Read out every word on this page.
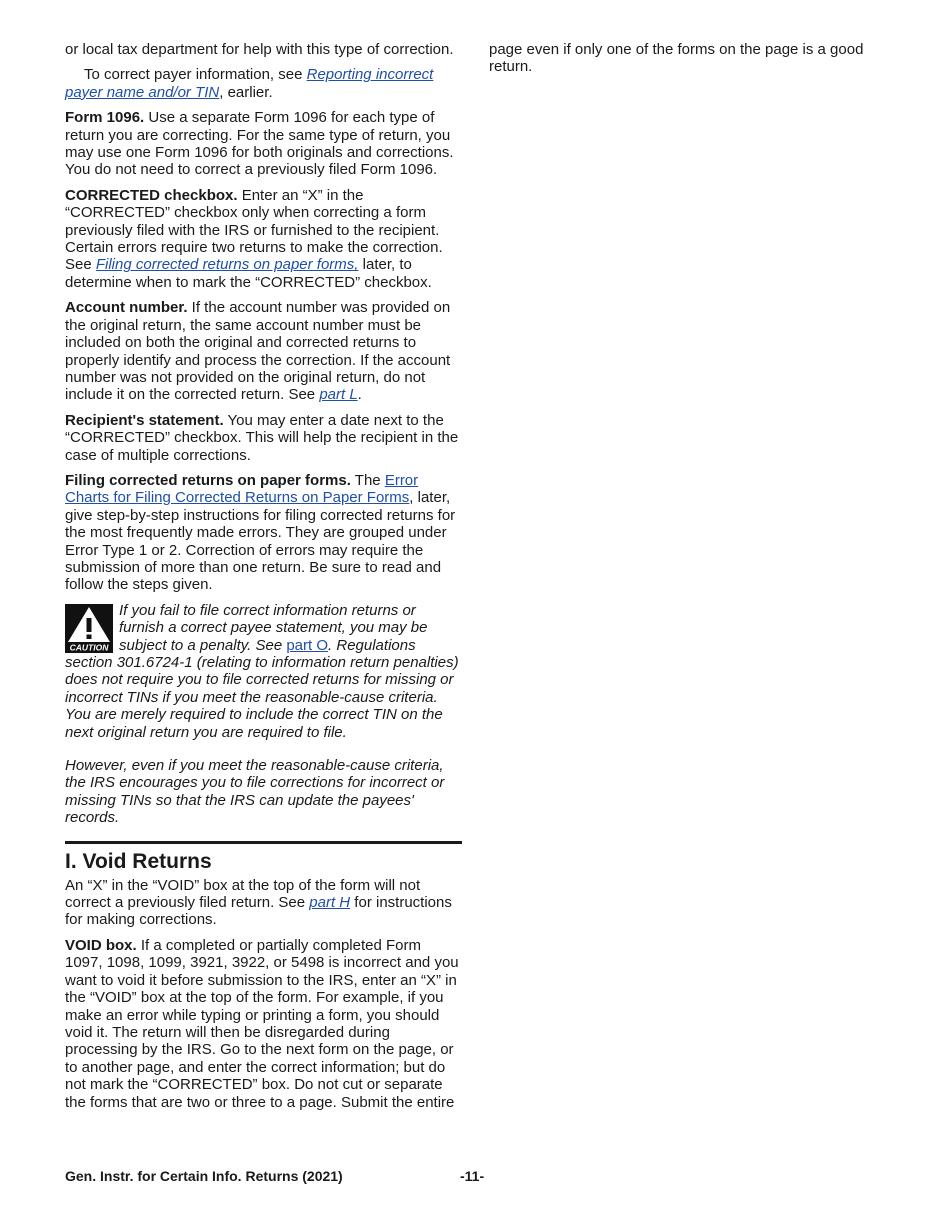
or local tax department for help with this type of correction.

To correct payer information, see Reporting incorrect payer name and/or TIN, earlier.

Form 1096. Use a separate Form 1096 for each type of return you are correcting. For the same type of return, you may use one Form 1096 for both originals and corrections. You do not need to correct a previously filed Form 1096.

CORRECTED checkbox. Enter an “X” in the “CORRECTED” checkbox only when correcting a form previously filed with the IRS or furnished to the recipient. Certain errors require two returns to make the correction. See Filing corrected returns on paper forms, later, to determine when to mark the “CORRECTED” checkbox.

Account number. If the account number was provided on the original return, the same account number must be included on both the original and corrected returns to properly identify and process the correction. If the account number was not provided on the original return, do not include it on the corrected return. See part L.

Recipient's statement. You may enter a date next to the “CORRECTED” checkbox. This will help the recipient in the case of multiple corrections.

Filing corrected returns on paper forms. The Error Charts for Filing Corrected Returns on Paper Forms, later, give step-by-step instructions for filing corrected returns for the most frequently made errors. They are grouped under Error Type 1 or 2. Correction of errors may require the submission of more than one return. Be sure to read and follow the steps given.

CAUTION
If you fail to file correct information returns or furnish a correct payee statement, you may be subject to a penalty. See part O. Regulations section 301.6724-1 (relating to information return penalties) does not require you to file corrected returns for missing or incorrect TINs if you meet the reasonable-cause criteria. You are merely required to include the correct TIN on the next original return you are required to file.

However, even if you meet the reasonable-cause criteria, the IRS encourages you to file corrections for incorrect or missing TINs so that the IRS can update the payees' records.

I. Void Returns

An “X” in the “VOID” box at the top of the form will not correct a previously filed return. See part H for instructions for making corrections.

VOID box. If a completed or partially completed Form 1097, 1098, 1099, 3921, 3922, or 5498 is incorrect and you want to void it before submission to the IRS, enter an “X” in the “VOID” box at the top of the form. For example, if you make an error while typing or printing a form, you should void it. The return will then be disregarded during processing by the IRS. Go to the next form on the page, or to another page, and enter the correct information; but do not mark the “CORRECTED” box. Do not cut or separate the forms that are two or three to a page. Submit the entire

page even if only one of the forms on the page is a good return.

Gen. Instr. for Certain Info. Returns (2021)	-11-
